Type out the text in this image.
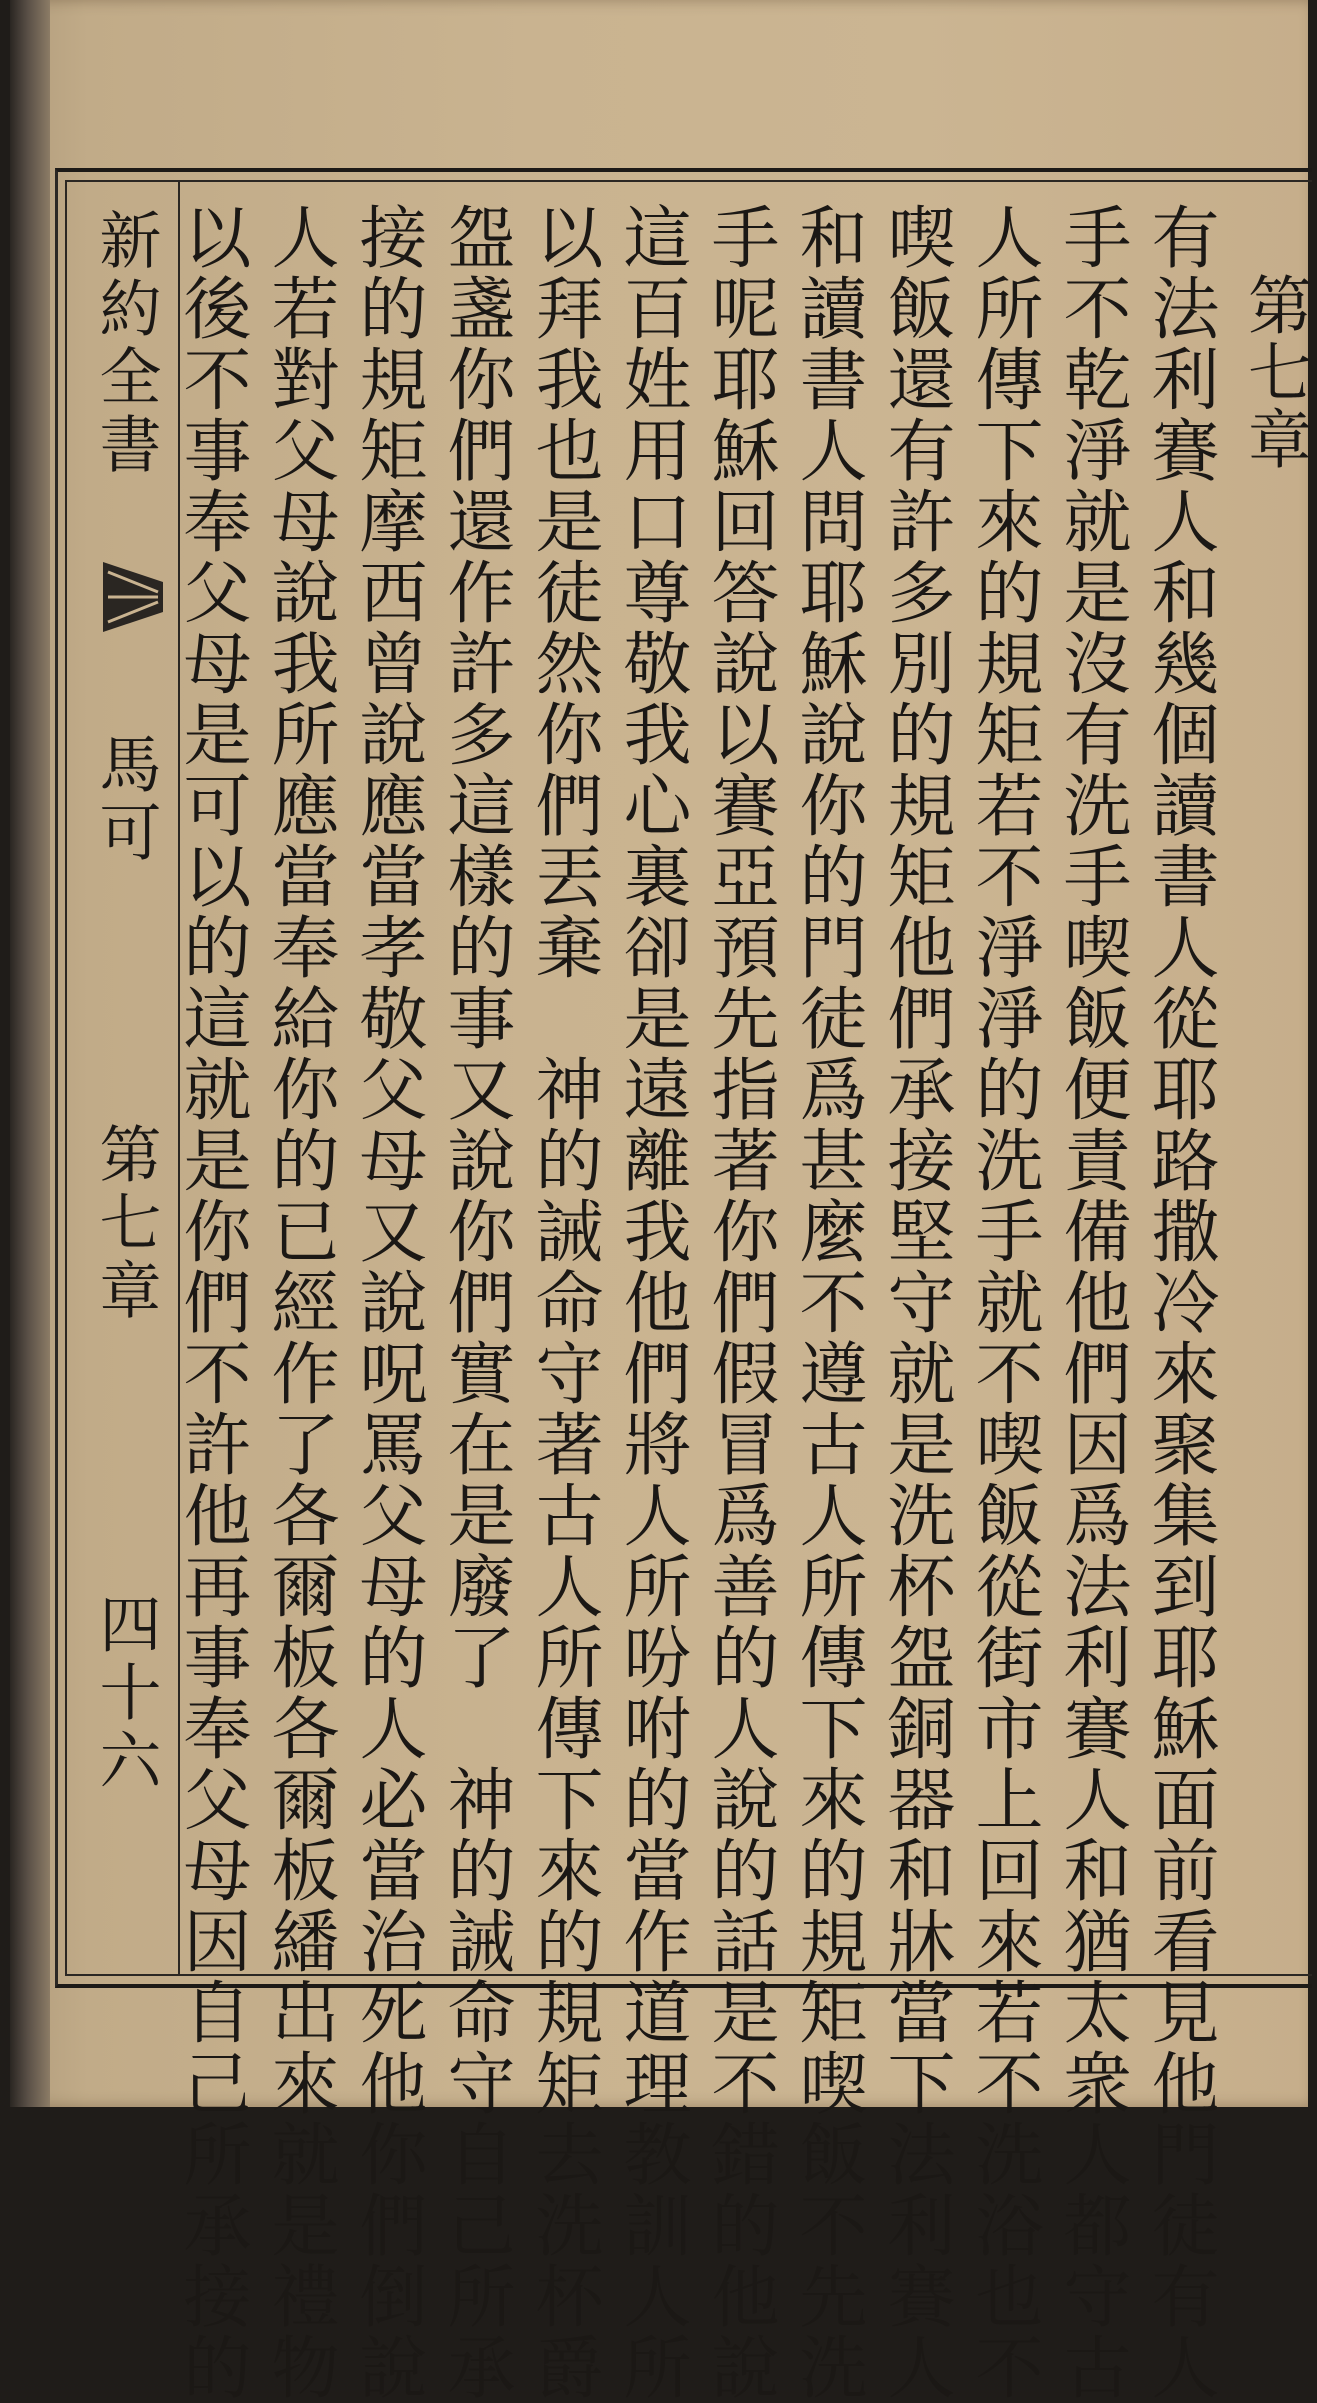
新約全書
馬可
第七章
四十六
第七章
有法利賽人和幾個讀書人從耶路撒冷來聚集到耶穌面前看見他門徒有人
手不乾淨就是沒有洗手喫飯便責備他們因爲法利賽人和猶太衆人都守古
人所傳下來的規矩若不淨淨的洗手就不喫飯從街市上回來若不洗浴也不
喫飯還有許多別的規矩他們承接堅守就是洗杯盌銅器和牀當下法利賽人
和讀書人問耶穌說你的門徒爲甚麼不遵古人所傳下來的規矩喫飯不先洗
手呢耶穌回答說以賽亞預先指著你們假冒爲善的人說的話是不錯的他說
這百姓用口尊敬我心裏卻是遠離我他們將人所吩咐的當作道理教訓人所
以拜我也是徒然你們丟棄　神的誡命守著古人所傳下來的規矩去洗杯爵
盌盞你們還作許多這樣的事又說你們實在是廢了　神的誡命守自己所承
接的規矩摩西曾說應當孝敬父母又說呪罵父母的人必當治死他你們倒說
人若對父母說我所應當奉給你的已經作了各爾板各爾板繙出來就是禮物
以後不事奉父母是可以的這就是你們不許他再事奉父母因自己所承接的
